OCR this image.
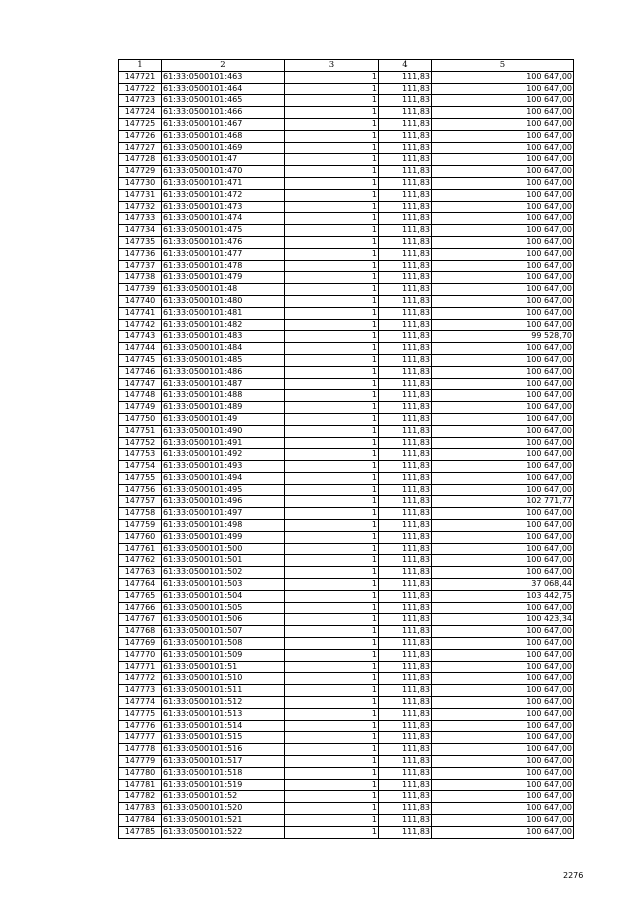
1	2	3	4	5
147721	61:33:0500101:463	1	111,83	100 647,00
147722	61:33:0500101:464	1	111,83	100 647,00
147723	61:33:0500101:465	1	111,83	100 647,00
147724	61:33:0500101:466	1	111,83	100 647,00
147725	61:33:0500101:467	1	111,83	100 647,00
147726	61:33:0500101:468	1	111,83	100 647,00
147727	61:33:0500101:469	1	111,83	100 647,00
147728	61:33:0500101:47	1	111,83	100 647,00
147729	61:33:0500101:470	1	111,83	100 647,00
147730	61:33:0500101:471	1	111,83	100 647,00
147731	61:33:0500101:472	1	111,83	100 647,00
147732	61:33:0500101:473	1	111,83	100 647,00
147733	61:33:0500101:474	1	111,83	100 647,00
147734	61:33:0500101:475	1	111,83	100 647,00
147735	61:33:0500101:476	1	111,83	100 647,00
147736	61:33:0500101:477	1	111,83	100 647,00
147737	61:33:0500101:478	1	111,83	100 647,00
147738	61:33:0500101:479	1	111,83	100 647,00
147739	61:33:0500101:48	1	111,83	100 647,00
147740	61:33:0500101:480	1	111,83	100 647,00
147741	61:33:0500101:481	1	111,83	100 647,00
147742	61:33:0500101:482	1	111,83	100 647,00
147743	61:33:0500101:483	1	111,83	99 528,70
147744	61:33:0500101:484	1	111,83	100 647,00
147745	61:33:0500101:485	1	111,83	100 647,00
147746	61:33:0500101:486	1	111,83	100 647,00
147747	61:33:0500101:487	1	111,83	100 647,00
147748	61:33:0500101:488	1	111,83	100 647,00
147749	61:33:0500101:489	1	111,83	100 647,00
147750	61:33:0500101:49	1	111,83	100 647,00
147751	61:33:0500101:490	1	111,83	100 647,00
147752	61:33:0500101:491	1	111,83	100 647,00
147753	61:33:0500101:492	1	111,83	100 647,00
147754	61:33:0500101:493	1	111,83	100 647,00
147755	61:33:0500101:494	1	111,83	100 647,00
147756	61:33:0500101:495	1	111,83	100 647,00
147757	61:33:0500101:496	1	111,83	102 771,77
147758	61:33:0500101:497	1	111,83	100 647,00
147759	61:33:0500101:498	1	111,83	100 647,00
147760	61:33:0500101:499	1	111,83	100 647,00
147761	61:33:0500101:500	1	111,83	100 647,00
147762	61:33:0500101:501	1	111,83	100 647,00
147763	61:33:0500101:502	1	111,83	100 647,00
147764	61:33:0500101:503	1	111,83	37 068,44
147765	61:33:0500101:504	1	111,83	103 442,75
147766	61:33:0500101:505	1	111,83	100 647,00
147767	61:33:0500101:506	1	111,83	100 423,34
147768	61:33:0500101:507	1	111,83	100 647,00
147769	61:33:0500101:508	1	111,83	100 647,00
147770	61:33:0500101:509	1	111,83	100 647,00
147771	61:33:0500101:51	1	111,83	100 647,00
147772	61:33:0500101:510	1	111,83	100 647,00
147773	61:33:0500101:511	1	111,83	100 647,00
147774	61:33:0500101:512	1	111,83	100 647,00
147775	61:33:0500101:513	1	111,83	100 647,00
147776	61:33:0500101:514	1	111,83	100 647,00
147777	61:33:0500101:515	1	111,83	100 647,00
147778	61:33:0500101:516	1	111,83	100 647,00
147779	61:33:0500101:517	1	111,83	100 647,00
147780	61:33:0500101:518	1	111,83	100 647,00
147781	61:33:0500101:519	1	111,83	100 647,00
147782	61:33:0500101:52	1	111,83	100 647,00
147783	61:33:0500101:520	1	111,83	100 647,00
147784	61:33:0500101:521	1	111,83	100 647,00
147785	61:33:0500101:522	1	111,83	100 647,00
2276
